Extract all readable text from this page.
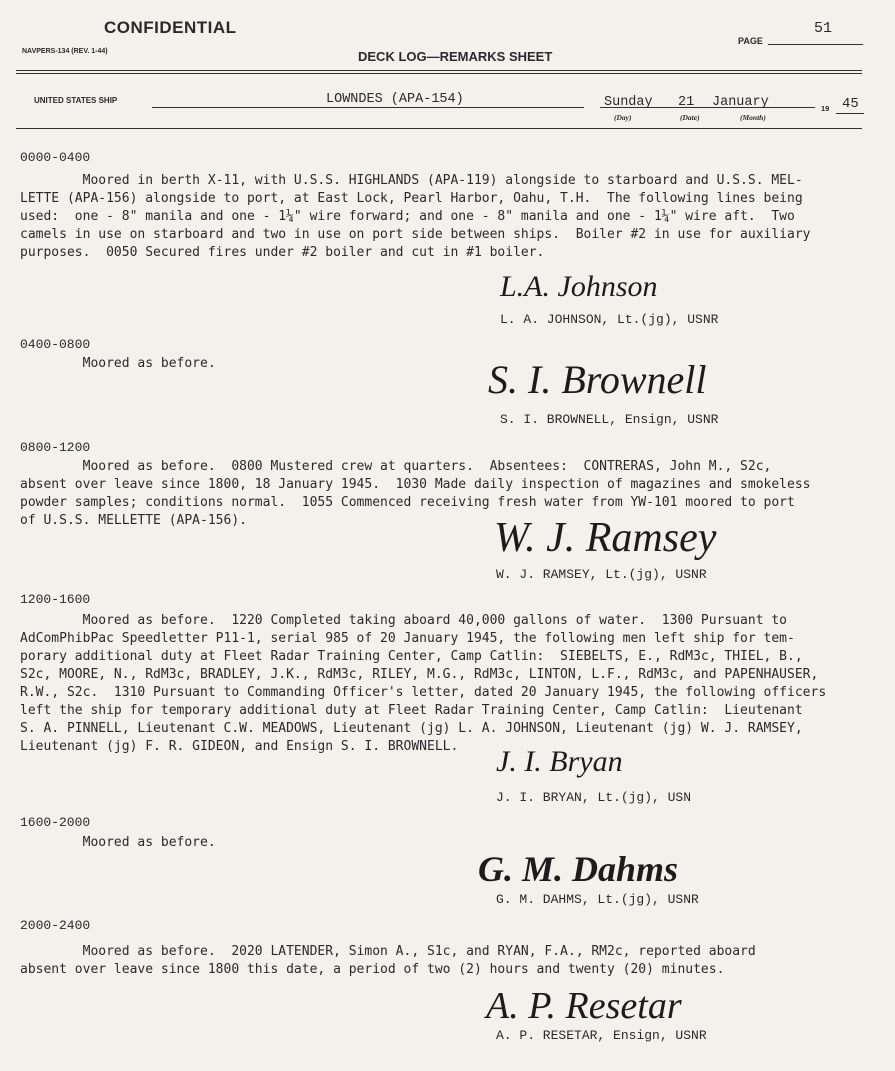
CONFIDENTIAL
NAVPERS-134 (REV. 1-44)
PAGE
51
DECK LOG—REMARKS SHEET
UNITED STATES SHIP	LOWNDES (APA-154)	Sunday 21 January
(Day)	(Date)	(Month)
19 45
0000-0400
Moored in berth X-11, with U.S.S. HIGHLANDS (APA-119) alongside to starboard and U.S.S. MEL-
LETTE (APA-156) alongside to port, at East Lock, Pearl Harbor, Oahu, T.H.  The following lines being
used:  one - 8" manila and one - 1¼" wire forward; and one - 8" manila and one - 1¼" wire aft.  Two
camels in use on starboard and two in use on port side between ships.  Boiler #2 in use for auxiliary
purposes.  0050 Secured fires under #2 boiler and cut in #1 boiler.
L.A. Johnson
L. A. JOHNSON, Lt.(jg), USNR
0400-0800
Moored as before.	S. I. Brownell
S. I. BROWNELL, Ensign, USNR
0800-1200
Moored as before.  0800 Mustered crew at quarters.  Absentees:  CONTRERAS, John M., S2c,
absent over leave since 1800, 18 January 1945.  1030 Made daily inspection of magazines and smokeless
powder samples; conditions normal.  1055 Commenced receiving fresh water from YW-101 moored to port
of U.S.S. MELLETTE (APA-156).	W. J. Ramsey
W. J. RAMSEY, Lt.(jg), USNR
1200-1600
Moored as before.  1220 Completed taking aboard 40,000 gallons of water.  1300 Pursuant to
AdComPhibPac Speedletter P11-1, serial 985 of 20 January 1945, the following men left ship for tem-
porary additional duty at Fleet Radar Training Center, Camp Catlin:  SIEBELTS, E., RdM3c, THIEL, B.,
S2c, MOORE, N., RdM3c, BRADLEY, J.K., RdM3c, RILEY, M.G., RdM3c, LINTON, L.F., RdM3c, and PAPENHAUSER,
R.W., S2c.  1310 Pursuant to Commanding Officer's letter, dated 20 January 1945, the following officers
left the ship for temporary additional duty at Fleet Radar Training Center, Camp Catlin:  Lieutenant
S. A. PINNELL, Lieutenant C.W. MEADOWS, Lieutenant (jg) L. A. JOHNSON, Lieutenant (jg) W. J. RAMSEY,
Lieutenant (jg) F. R. GIDEON, and Ensign S. I. BROWNELL.	J. I. Bryan
J. I. BRYAN, Lt.(jg), USN
1600-2000
Moored as before.
G. M. Dahms
G. M. DAHMS, Lt.(jg), USNR
2000-2400
Moored as before.  2020 LATENDER, Simon A., S1c, and RYAN, F.A., RM2c, reported aboard
absent over leave since 1800 this date, a period of two (2) hours and twenty (20) minutes.
A. P. Resetar
A. P. RESETAR, Ensign, USNR
